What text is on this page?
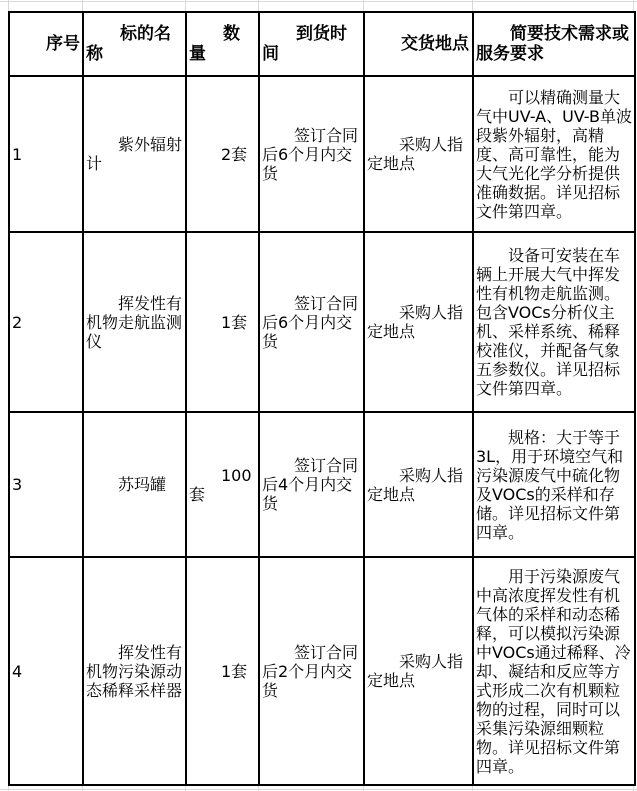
序号	标的名称	数量	到货时间	交货地点	简要技术需求或服务要求

1	紫外辐射计	2套	签订合同后6个月内交货	采购人指定地点	可以精确测量大气中UV-A、UV-B单波段紫外辐射，高精度、高可靠性，能为大气光化学分析提供准确数据。详见招标文件第四章。

2	挥发性有机物走航监测仪	1套	签订合同后6个月内交货	采购人指定地点	设备可安装在车辆上开展大气中挥发性有机物走航监测。包含VOCs分析仪主机、采样系统、稀释校准仪，并配备气象五参数仪。详见招标文件第四章。

3	苏玛罐	100套	签订合同后4个月内交货	采购人指定地点	规格：大于等于3L，用于环境空气和污染源废气中硫化物及VOCs的采样和存储。详见招标文件第四章。

4	挥发性有机物污染源动态稀释采样器	1套	签订合同后2个月内交货	采购人指定地点	用于污染源废气中高浓度挥发性有机气体的采样和动态稀释，可以模拟污染源中VOCs通过稀释、冷却、凝结和反应等方式形成二次有机颗粒物的过程，同时可以采集污染源细颗粒物。详见招标文件第四章。
